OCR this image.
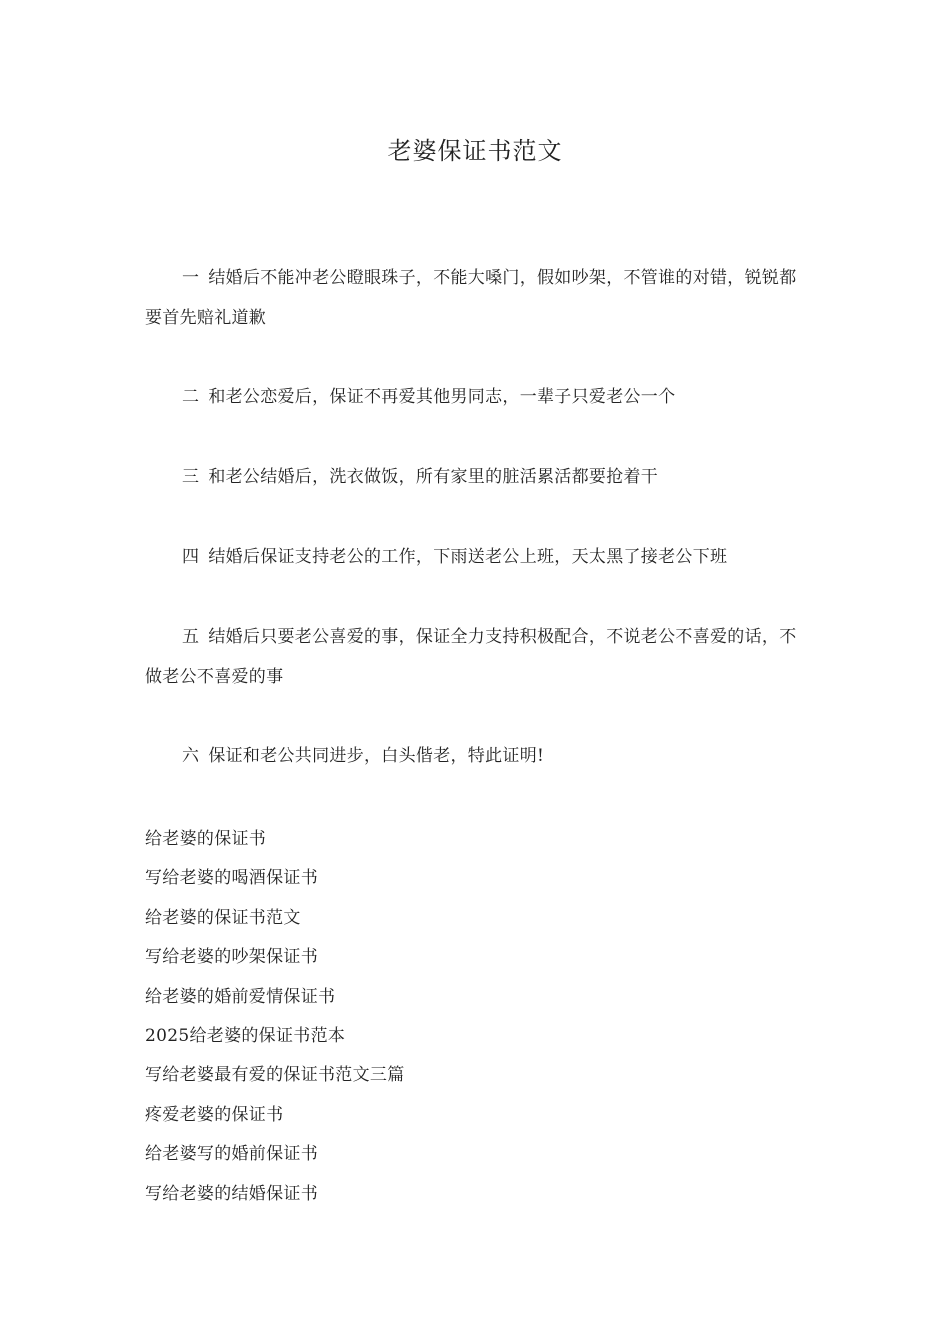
老婆保证书范文
一 结婚后不能冲老公瞪眼珠子，不能大嗓门，假如吵架，不管谁的对错，锐锐都要首先赔礼道歉
二 和老公恋爱后，保证不再爱其他男同志，一辈子只爱老公一个
三 和老公结婚后，洗衣做饭，所有家里的脏活累活都要抢着干
四 结婚后保证支持老公的工作，下雨送老公上班，天太黑了接老公下班
五 结婚后只要老公喜爱的事，保证全力支持积极配合，不说老公不喜爱的话，不做老公不喜爱的事
六 保证和老公共同进步，白头偕老，特此证明!
给老婆的保证书
写给老婆的喝酒保证书
给老婆的保证书范文
写给老婆的吵架保证书
给老婆的婚前爱情保证书
2025给老婆的保证书范本
写给老婆最有爱的保证书范文三篇
疼爱老婆的保证书
给老婆写的婚前保证书
写给老婆的结婚保证书
